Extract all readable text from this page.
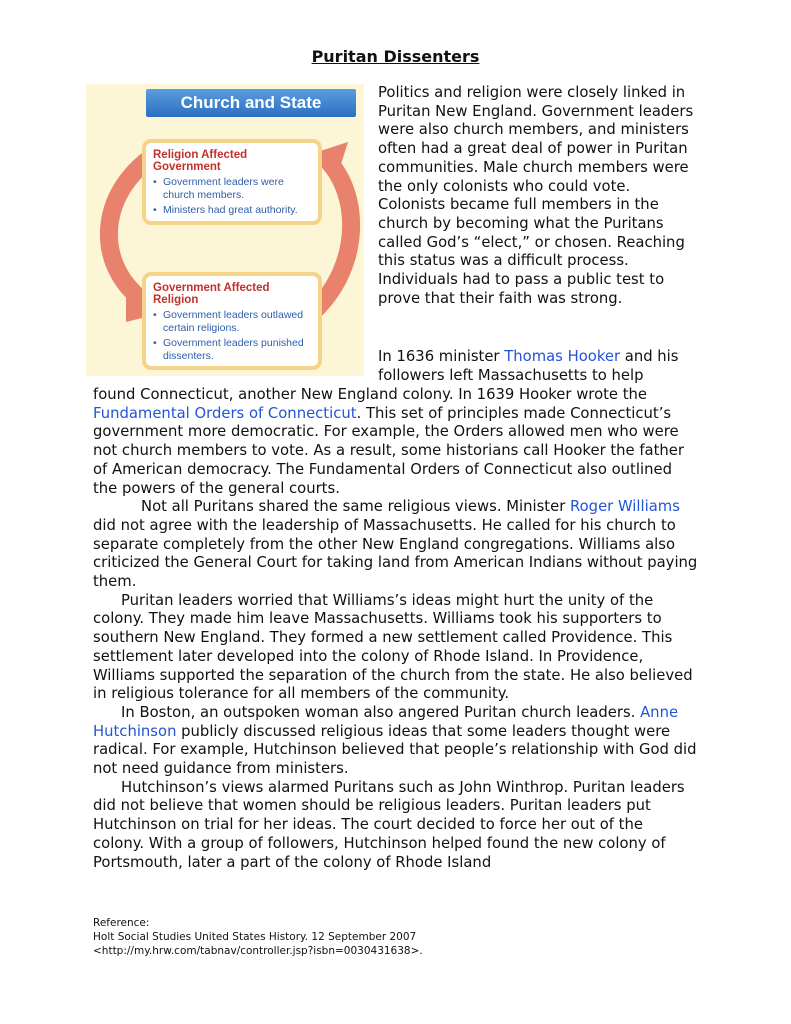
Puritan Dissenters
Church and State
Religion Affected Government
• Government leaders were church members.
• Ministers had great authority.
Government Affected Religion
• Government leaders outlawed certain religions.
• Government leaders punished dissenters.
Politics and religion were closely linked in Puritan New England. Government leaders were also church members, and ministers often had a great deal of power in Puritan communities. Male church members were the only colonists who could vote. Colonists became full members in the church by becoming what the Puritans called God’s “elect,” or chosen. Reaching this status was a difficult process. Individuals had to pass a public test to prove that their faith was strong.
In 1636 minister Thomas Hooker and his followers left Massachusetts to help

found Connecticut, another New England colony. In 1639 Hooker wrote the Fundamental Orders of Connecticut. This set of principles made Connecticut’s government more democratic. For example, the Orders allowed men who were not church members to vote. As a result, some historians call Hooker the father of American democracy. The Fundamental Orders of Connecticut also outlined the powers of the general courts.

Not all Puritans shared the same religious views. Minister Roger Williams did not agree with the leadership of Massachusetts. He called for his church to separate completely from the other New England congregations. Williams also criticized the General Court for taking land from American Indians without paying them.

Puritan leaders worried that Williams’s ideas might hurt the unity of the colony. They made him leave Massachusetts. Williams took his supporters to southern New England. They formed a new settlement called Providence. This settlement later developed into the colony of Rhode Island. In Providence, Williams supported the separation of the church from the state. He also believed in religious tolerance for all members of the community.

In Boston, an outspoken woman also angered Puritan church leaders. Anne Hutchinson publicly discussed religious ideas that some leaders thought were radical. For example, Hutchinson believed that people’s relationship with God did not need guidance from ministers.

Hutchinson’s views alarmed Puritans such as John Winthrop. Puritan leaders did not believe that women should be religious leaders. Puritan leaders put Hutchinson on trial for her ideas. The court decided to force her out of the colony. With a group of followers, Hutchinson helped found the new colony of Portsmouth, later a part of the colony of Rhode Island

Reference:
Holt Social Studies United States History. 12 September 2007
<http://my.hrw.com/tabnav/controller.jsp?isbn=0030431638>.
